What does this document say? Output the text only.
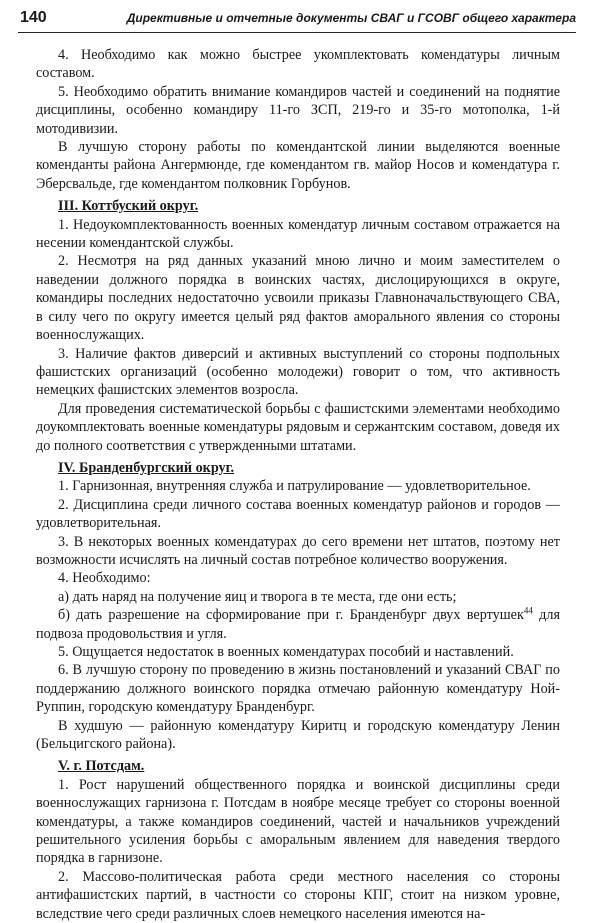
140	Директивные и отчетные документы СВАГ и ГСОВГ общего характера

4. Необходимо как можно быстрее укомплектовать комендатуры личным составом.

5. Необходимо обратить внимание командиров частей и соединений на поднятие дисциплины, особенно командиру 11-го ЗСП, 219-го и 35-го мотополка, 1-й мотодивизии.

В лучшую сторону работы по комендантской линии выделяются военные коменданты района Ангермюнде, где комендантом гв. майор Носов и комендатура г. Эберсвальде, где комендантом полковник Горбунов.

III. Коттбуский округ.

1. Недоукомплектованность военных комендатур личным составом отражается на несении комендантской службы.

2. Несмотря на ряд данных указаний мною лично и моим заместителем о наведении должного порядка в воинских частях, дислоцирующихся в округе, командиры последних недостаточно усвоили приказы Главноначальствующего СВА, в силу чего по округу имеется целый ряд фактов аморального явления со стороны военнослужащих.

3. Наличие фактов диверсий и активных выступлений со стороны подпольных фашистских организаций (особенно молодежи) говорит о том, что активность немецких фашистских элементов возросла.

Для проведения систематической борьбы с фашистскими элементами необходимо доукомплектовать военные комендатуры рядовым и сержантским составом, доведя их до полного соответствия с утвержденными штатами.

IV. Бранденбургский округ.

1. Гарнизонная, внутренняя служба и патрулирование — удовлетворительное.

2. Дисциплина среди личного состава военных комендатур районов и городов — удовлетворительная.

3. В некоторых военных комендатурах до сего времени нет штатов, поэтому нет возможности исчислять на личный состав потребное количество вооружения.

4. Необходимо:

а) дать наряд на получение яиц и творога в те места, где они есть;

б) дать разрешение на сформирование при г. Бранденбург двух вертушек$^{44}$ для подвоза продовольствия и угля.

5. Ощущается недостаток в военных комендатурах пособий и наставлений.

6. В лучшую сторону по проведению в жизнь постановлений и указаний СВАГ по поддержанию должного воинского порядка отмечаю районную комендатуру Ной-Руппин, городскую комендатуру Бранденбург.

В худшую — районную комендатуру Киритц и городскую комендатуру Ленин (Бельцигского района).

V. г. Потсдам.

1. Рост нарушений общественного порядка и воинской дисциплины среди военнослужащих гарнизона г. Потсдам в ноябре месяце требует со стороны военной комендатуры, а также командиров соединений, частей и начальников учреждений решительного усиления борьбы с аморальным явлением для наведения твердого порядка в гарнизоне.

2. Массово-политическая работа среди местного населения со стороны антифашистских партий, в частности со стороны КПГ, стоит на низком уровне, вследствие чего среди различных слоев немецкого населения имеются на-
